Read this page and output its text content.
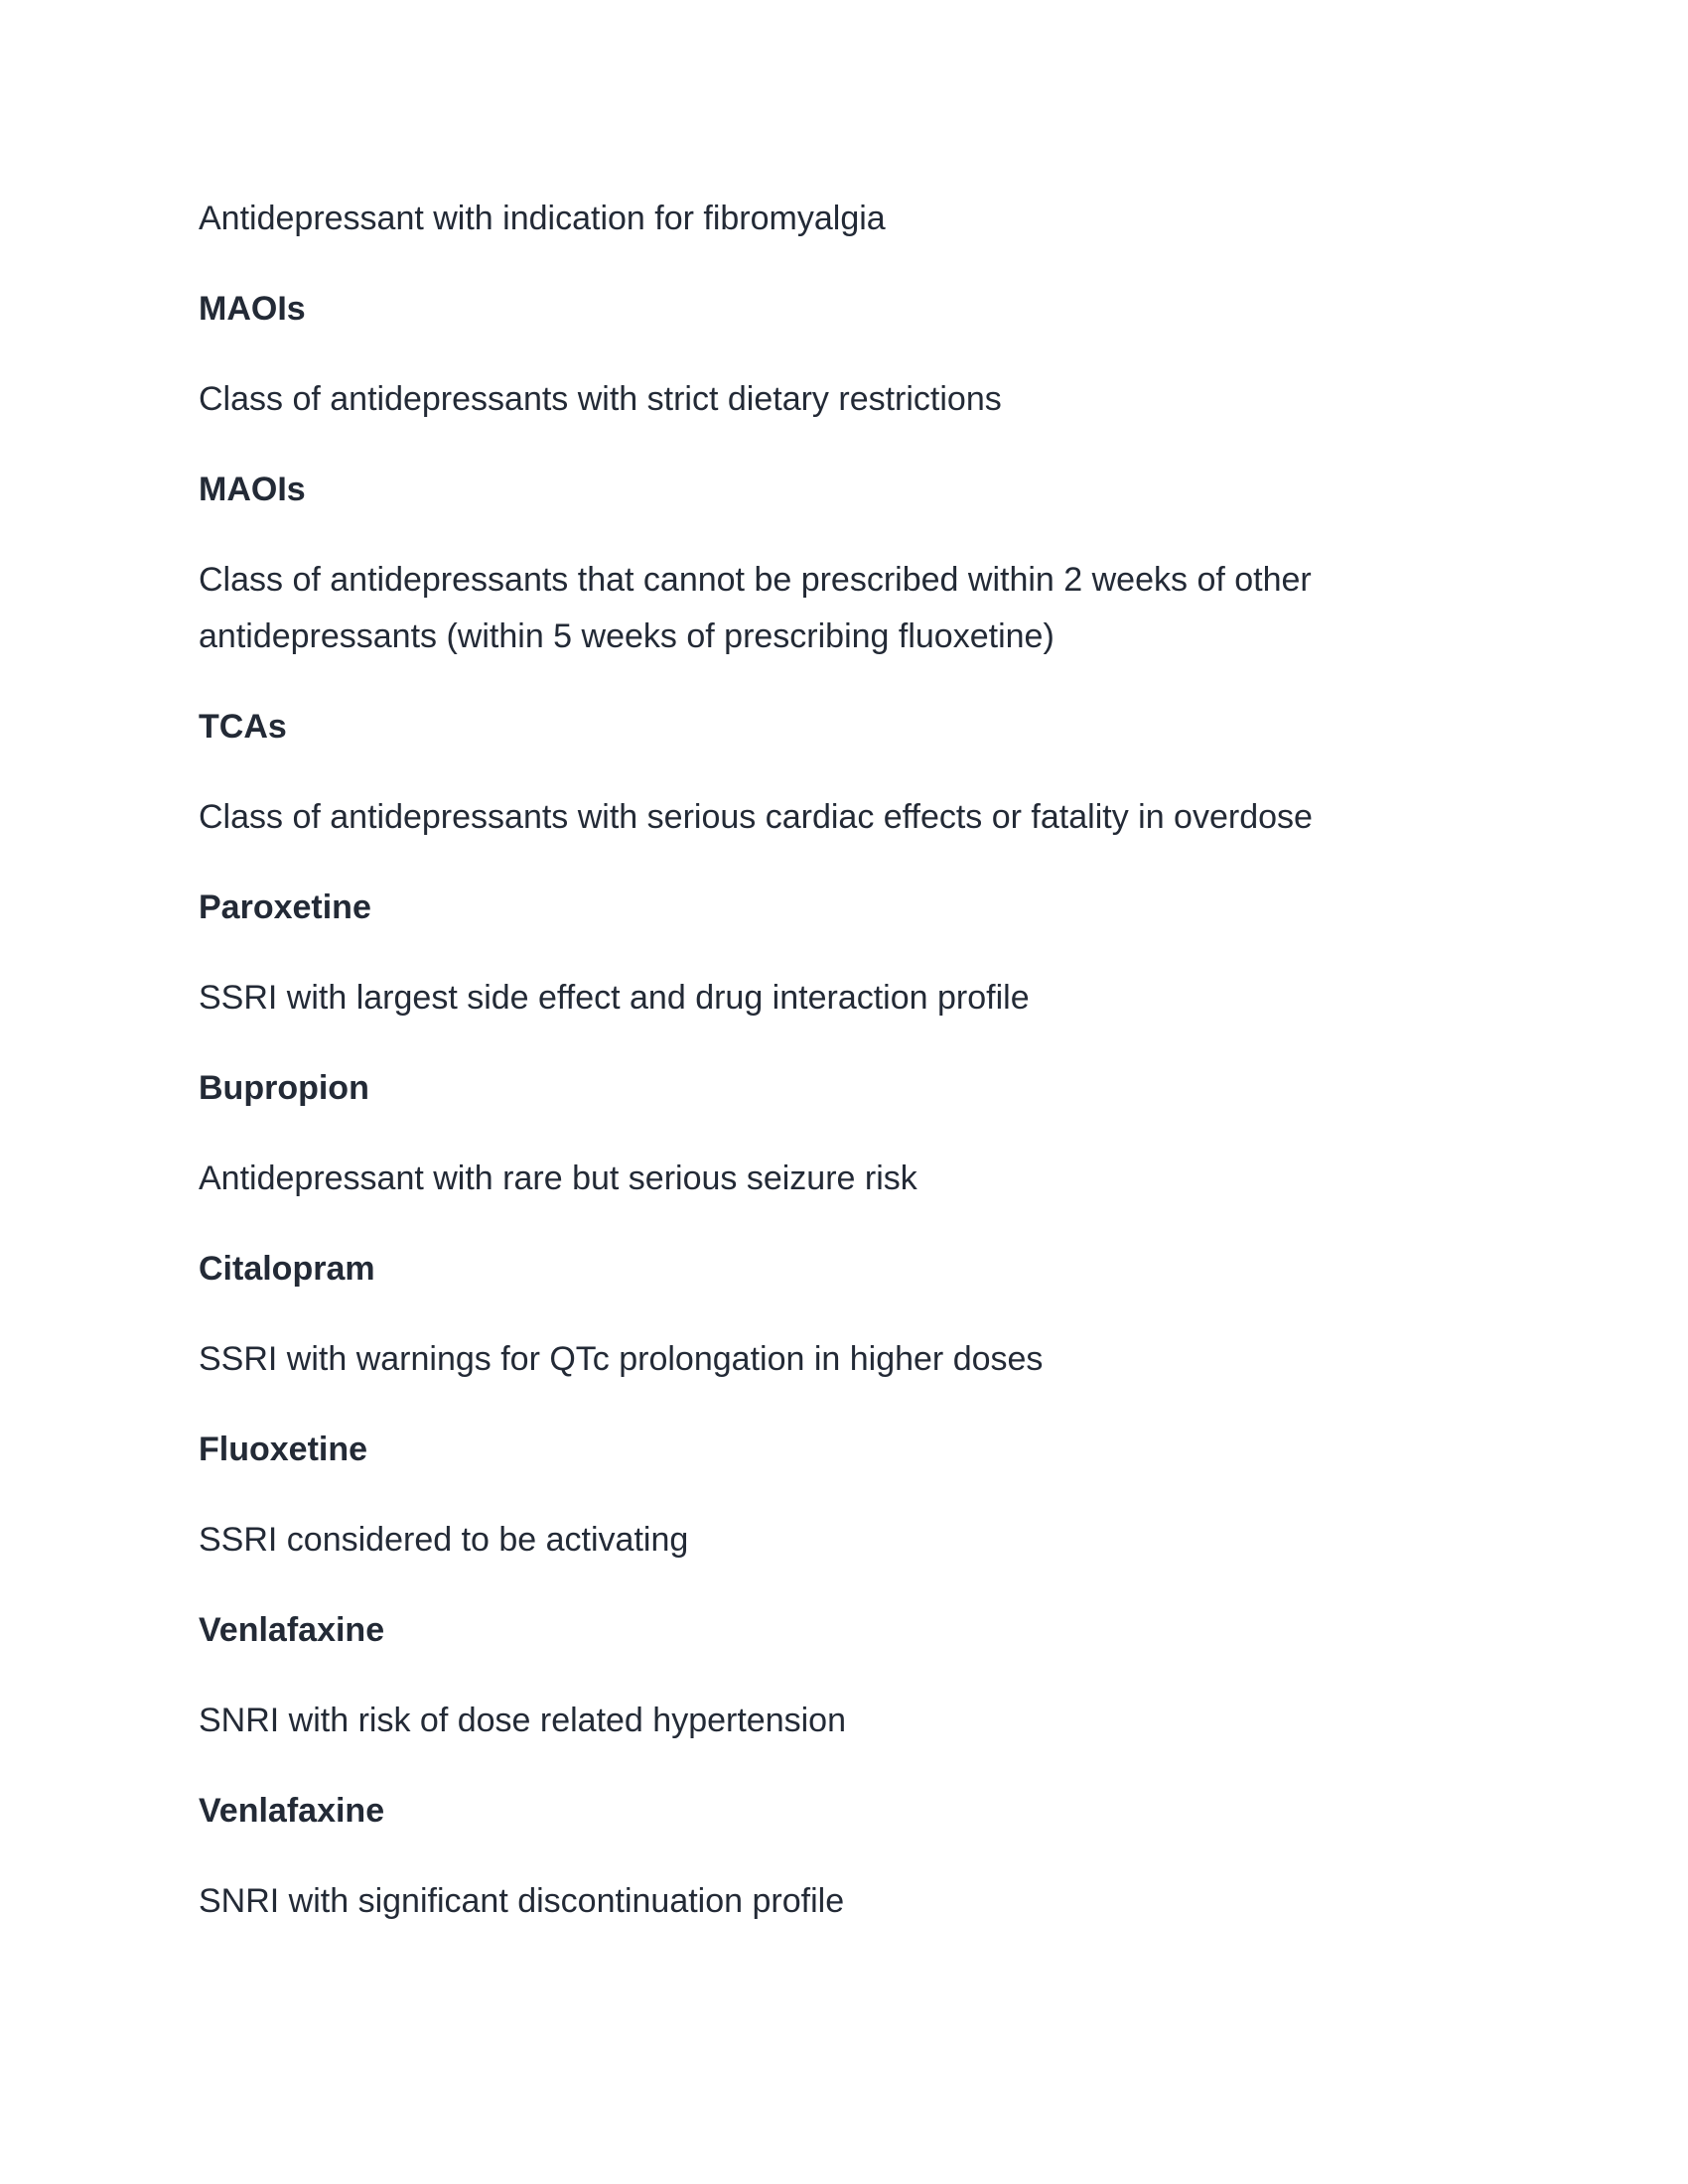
Antidepressant with indication for fibromyalgia

MAOIs

Class of antidepressants with strict dietary restrictions

MAOIs

Class of antidepressants that cannot be prescribed within 2 weeks of other antidepressants (within 5 weeks of prescribing fluoxetine)

TCAs

Class of antidepressants with serious cardiac effects or fatality in overdose

Paroxetine

SSRI with largest side effect and drug interaction profile

Bupropion

Antidepressant with rare but serious seizure risk

Citalopram

SSRI with warnings for QTc prolongation in higher doses

Fluoxetine

SSRI considered to be activating

Venlafaxine

SNRI with risk of dose related hypertension

Venlafaxine

SNRI with significant discontinuation profile
